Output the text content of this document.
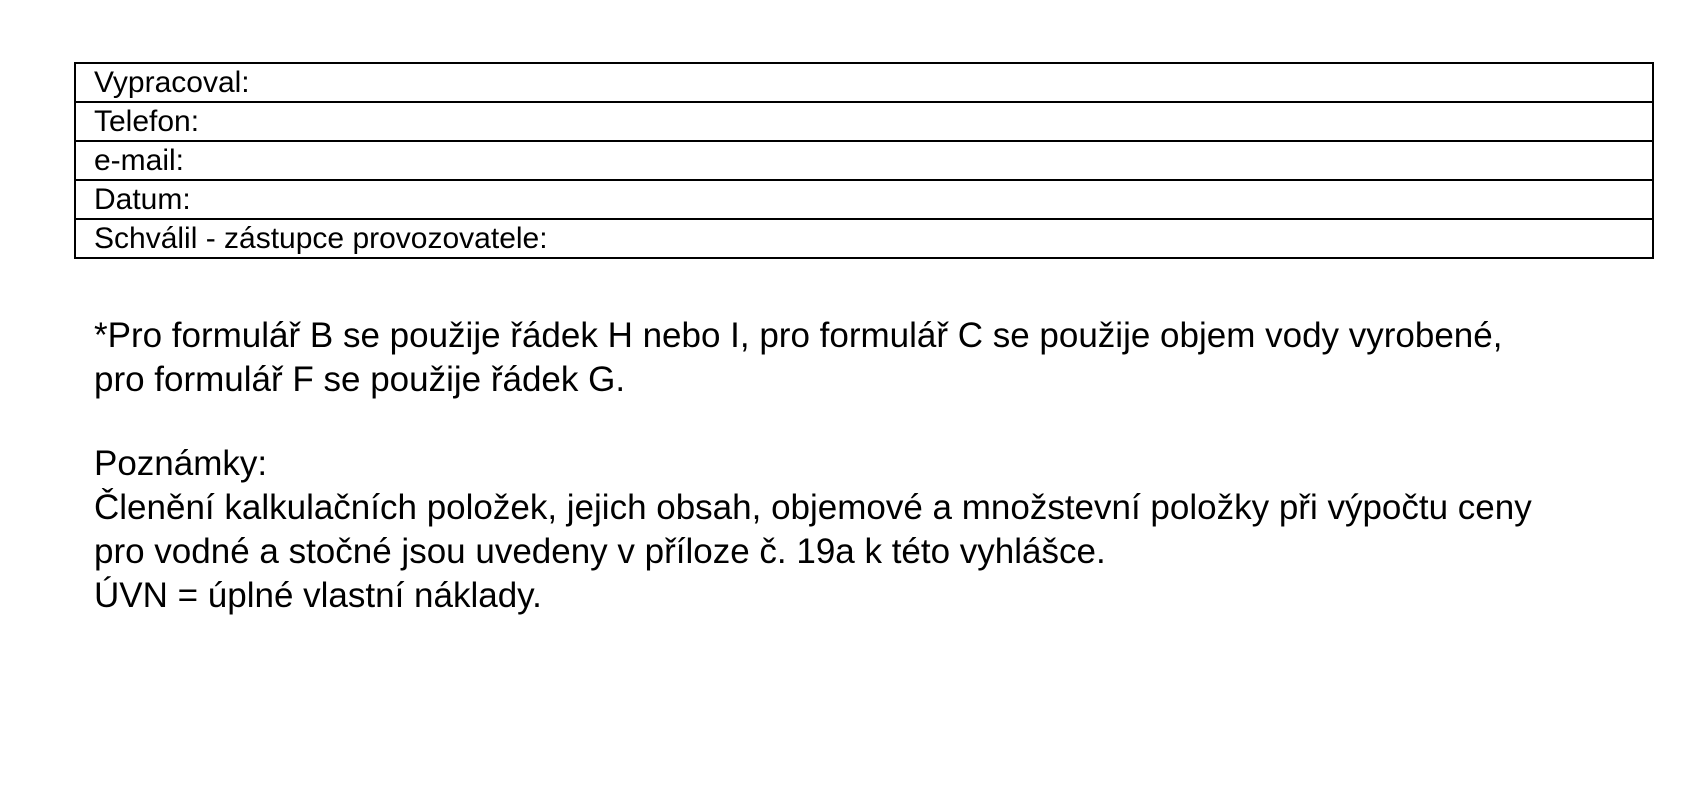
Vypracoval:
Telefon:
e-mail:
Datum:
Schválil - zástupce provozovatele:

*Pro formulář B se použije řádek H nebo I, pro formulář C se použije objem vody vyrobené,
pro formulář F se použije řádek G.

Poznámky:
Členění kalkulačních položek, jejich obsah, objemové a množstevní položky při výpočtu ceny
pro vodné a stočné jsou uvedeny v příloze č. 19a k této vyhlášce.
ÚVN = úplné vlastní náklady.
